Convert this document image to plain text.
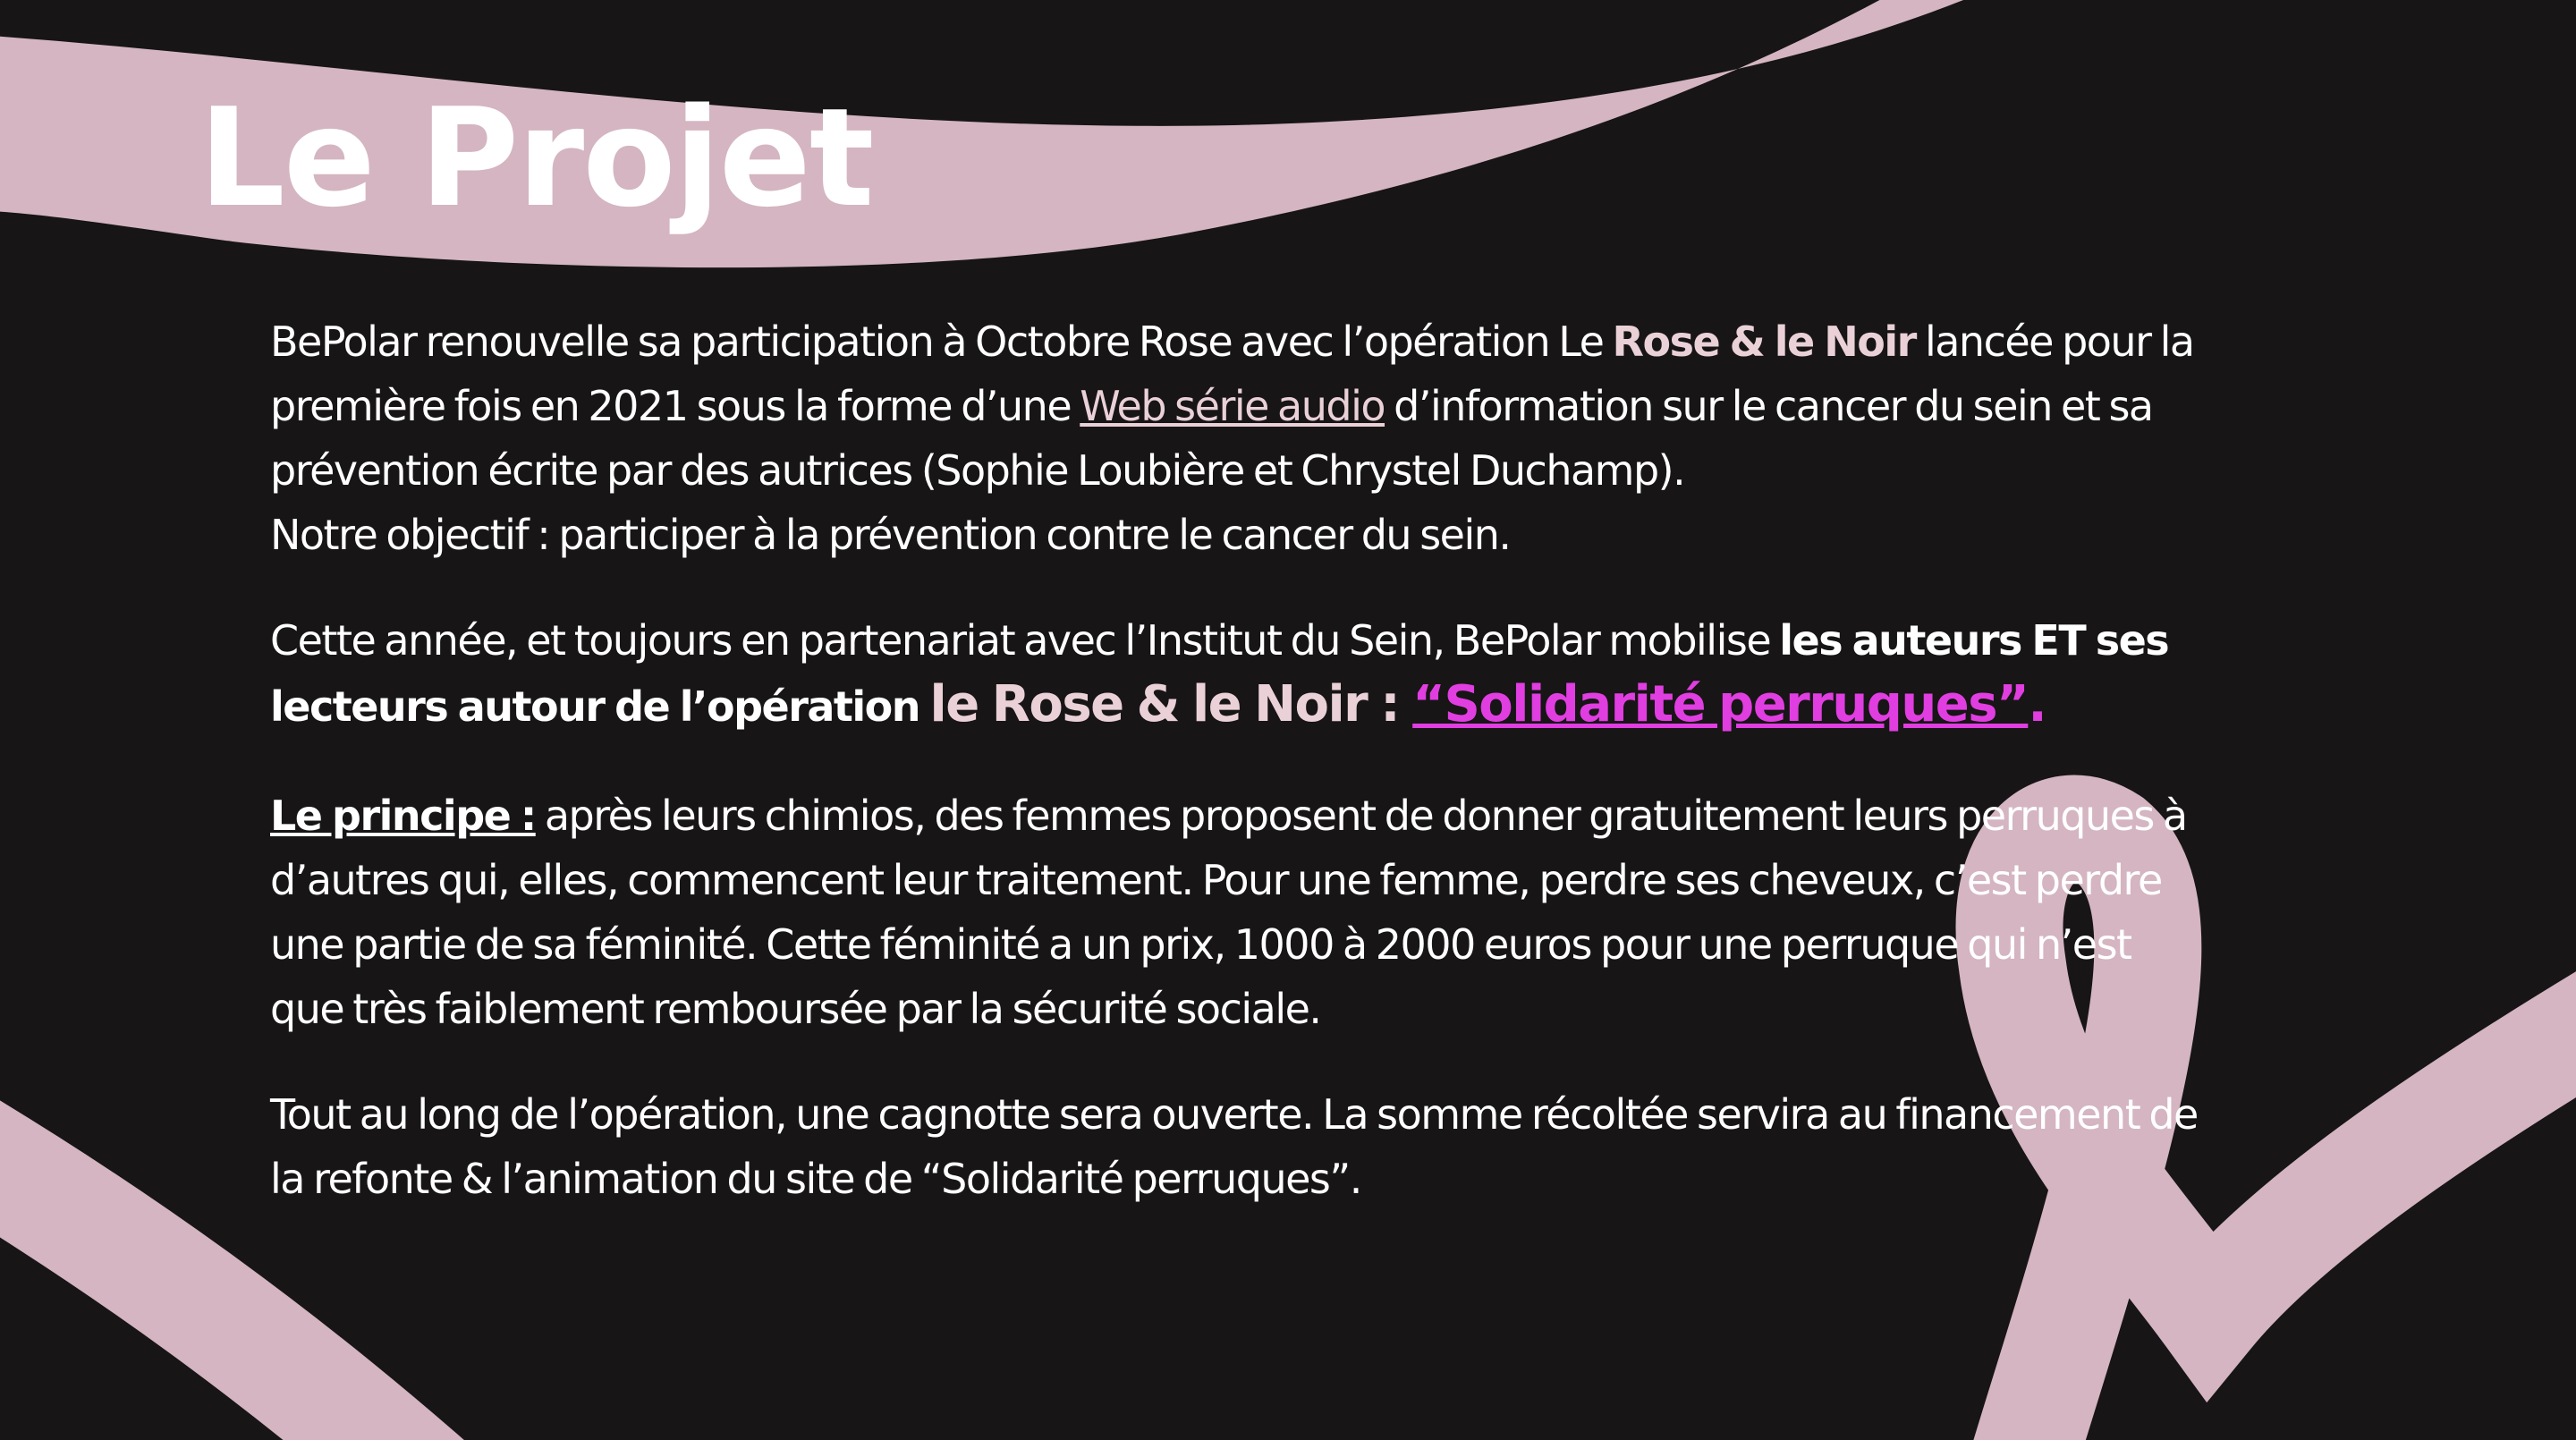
Le Projet

BePolar renouvelle sa participation à Octobre Rose avec l’opération Le Rose & le Noir lancée pour la
première fois en 2021 sous la forme d’une Web série audio d’information sur le cancer du sein et sa
prévention écrite par des autrices (Sophie Loubière et Chrystel Duchamp).
Notre objectif : participer à la prévention contre le cancer du sein.

Cette année, et toujours en partenariat avec l’Institut du Sein, BePolar mobilise les auteurs ET ses
lecteurs autour de l’opération le Rose & le Noir : “Solidarité perruques”.

Le principe : après leurs chimios, des femmes proposent de donner gratuitement leurs perruques à
d’autres qui, elles, commencent leur traitement. Pour une femme, perdre ses cheveux, c’est perdre
une partie de sa féminité. Cette féminité a un prix, 1000 à 2000 euros pour une perruque qui n’est
que très faiblement remboursée par la sécurité sociale.

Tout au long de l’opération, une cagnotte sera ouverte. La somme récoltée servira au financement de
la refonte & l’animation du site de “Solidarité perruques”.
